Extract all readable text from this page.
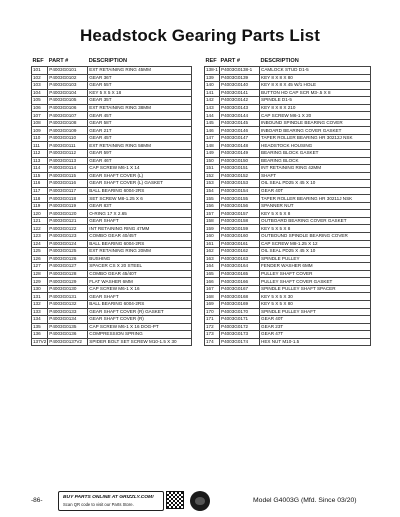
Headstock Gearing Parts List
REF	PART #	DESCRIPTION
101	P4003G0101	EXT RETAINING RING 45MM
102	P4003G0102	GEAR 36T
103	P4003G0103	GEAR 55T
104	P4003G0104	KEY 5 X 5 X 18
105	P4003G0105	GEAR 35T
106	P4003G0106	EXT RETAINING RING 38MM
107	P4003G0107	GEAR 45T
108	P4003G0108	GEAR 58T
109	P4003G0109	GEAR 21T
110	P4003G0110	GEAR 45T
111	P4003G0111	EXT RETAINING RING 58MM
112	P4003G0112	GEAR 59T
113	P4003G0113	GEAR 46T
114	P4003G0114	CAP SCREW M6-1 X 14
115	P4003G0115	GEAR SHAFT COVER (L)
116	P4003G0116	GEAR SHAFT COVER (L) GASKET
117	P4003G0117	BALL BEARING 6004-2RS
118	P4003G0118	SET SCREW M8-1.25 X 6
119	P4003G0119	GEAR 83T
120	P4003G0120	O-RING 17 X 2.65
121	P4003G0121	GEAR SHAFT
122	P4003G0122	INT RETAINING RING 47MM
123	P4003G0123	COMBO GEAR 40/45T
124	P4003G0124	BALL BEARING 6004-2RS
125	P4003G0125	EXT RETAINING RING 20MM
126	P4003G0126	BUSHING
127	P4003G0127	SPACER CS X 20 STEEL
128	P4003G0128	COMBO GEAR 45/40T
129	P4003G0129	FLAT WASHER 6MM
130	P4003G0130	CAP SCREW M6-1 X 16
131	P4003G0131	GEAR SHAFT
132	P4003G0132	BALL BEARING 6004-2RS
133	P4003G0133	GEAR SHAFT COVER (R) GASKET
134	P4003G0134	GEAR SHAFT COVER (R)
135	P4003G0135	CAP SCREW M6-1 X 16 DOG-PT
136	P4003G0136	COMPRESSION SPRING
137V2	P4003G0137V2	SPIDER BOLT SET SCREW M10-1.5 X 30
REF	PART #	DESCRIPTION
138-1	P4003G0138-1	CAMLOCK STUD D1-5
139	P4003G0139	KEY 8 X 8 X 80
140	P4003G0140	KEY 8 X 8 X 45 W/1 HOLE
141	P4003G0141	BUTTON HD CAP SCR M3-.5 X 8
142	P4003G0142	SPINDLE D1-5
143	P4003G0143	KEY 8 X 8 X 210
144	P4003G0144	CAP SCREW M6-1 X 20
145	P4003G0145	INBOUND SPINDLE BEARING COVER
146	P4003G0146	INBOARD BEARING COVER GASKET
147	P4003G0147	TAPER ROLLER BEARING HR 30212J NSK
148	P4003G0148	HEADSTOCK HOUSING
149	P4003G0149	BEARING BLOCK GASKET
150	P4003G0150	BEARING BLOCK
151	P4003G0151	INT RETAINING RING 42MM
152	P4003G0152	SHAFT
153	P4003G0153	OIL SEAL PD25 X 45 X 10
154	P4003G0154	GEAR 40T
155	P4003G0155	TAPER ROLLER BEARING HR 30211J NSK
156	P4003G0156	SPANNER NUT
157	P4003G0157	KEY 5 X 5 X 8
158	P4003G0158	OUTBOARD BEARING COVER GASKET
159	P4003G0159	KEY 5 X 5 X 8
160	P4003G0160	OUTBOUND SPINDLE BEARING COVER
161	P4003G0161	CAP SCREW M8-1.25 X 12
162	P4003G0162	OIL SEAL PD25 X 45 X 10
163	P4003G0163	SPINDLE PULLEY
164	P4003G0164	FENDER WASHER 6MM
165	P4003G0165	PULLEY SHAFT COVER
166	P4003G0166	PULLEY SHAFT COVER GASKET
167	P4003G0167	SPINDLE PULLEY SHAFT SPACER
168	P4003G0168	KEY 5 X 5 X 30
169	P4003G0169	KEY 5 X 5 X 80
170	P4003G0170	SPINDLE PULLEY SHAFT
171	P4003G0171	GEAR 40T
172	P4003G0172	GEAR 23T
173	P4003G0173	GEAR 47T
174	P4003G0174	HEX NUT M10-1.5
-86-	BUY PARTS ONLINE AT GRIZZLY.COM!
Scan QR code to visit our Parts Store.
Model G4003G (Mfd. Since 03/20)
